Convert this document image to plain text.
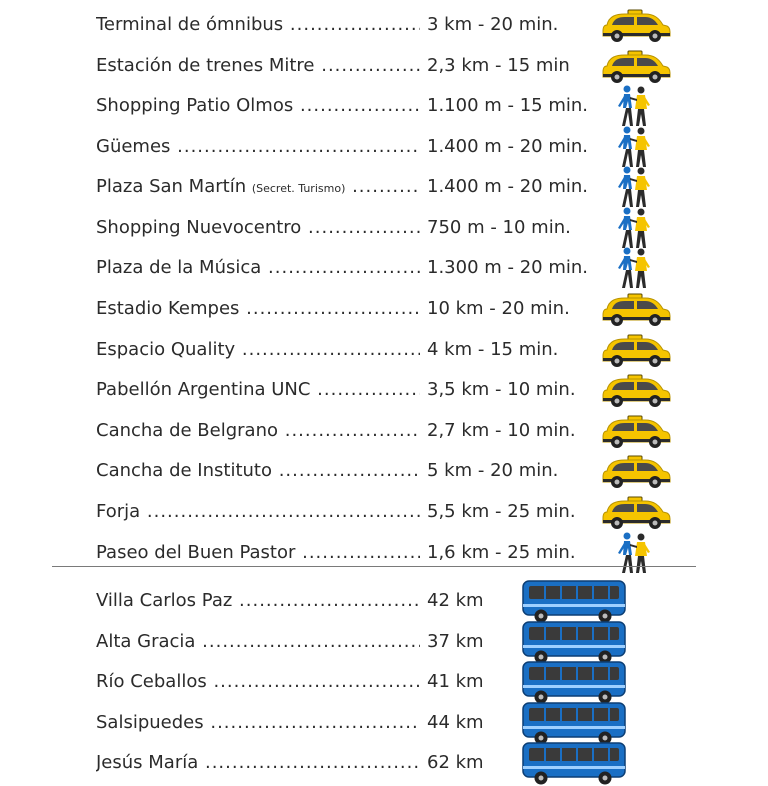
Terminal de ómnibus .....	3 km - 20 min.
Estación de trenes Mitre .....	2,3 km - 15 min
Shopping Patio Olmos .....	1.100 m - 15 min.
Güemes .....	1.400 m - 20 min.
Plaza San Martín (Secret. Turismo) .....	1.400 m - 20 min.
Shopping Nuevocentro .....	750 m - 10 min.
Plaza de la Música .....	1.300 m - 20 min.
Estadio Kempes .....	10 km - 20 min.
Espacio Quality .....	4 km - 15 min.
Pabellón Argentina UNC .....	3,5 km - 10 min.
Cancha de Belgrano .....	2,7 km - 10 min.
Cancha de Instituto .....	5 km - 20 min.
Forja .....	5,5 km - 25 min.
Paseo del Buen Pastor .....	1,6 km - 25 min.
Villa Carlos Paz .....	42 km
Alta Gracia .....	37 km
Río Ceballos .....	41 km
Salsipuedes .....	44 km
Jesús María .....	62 km
